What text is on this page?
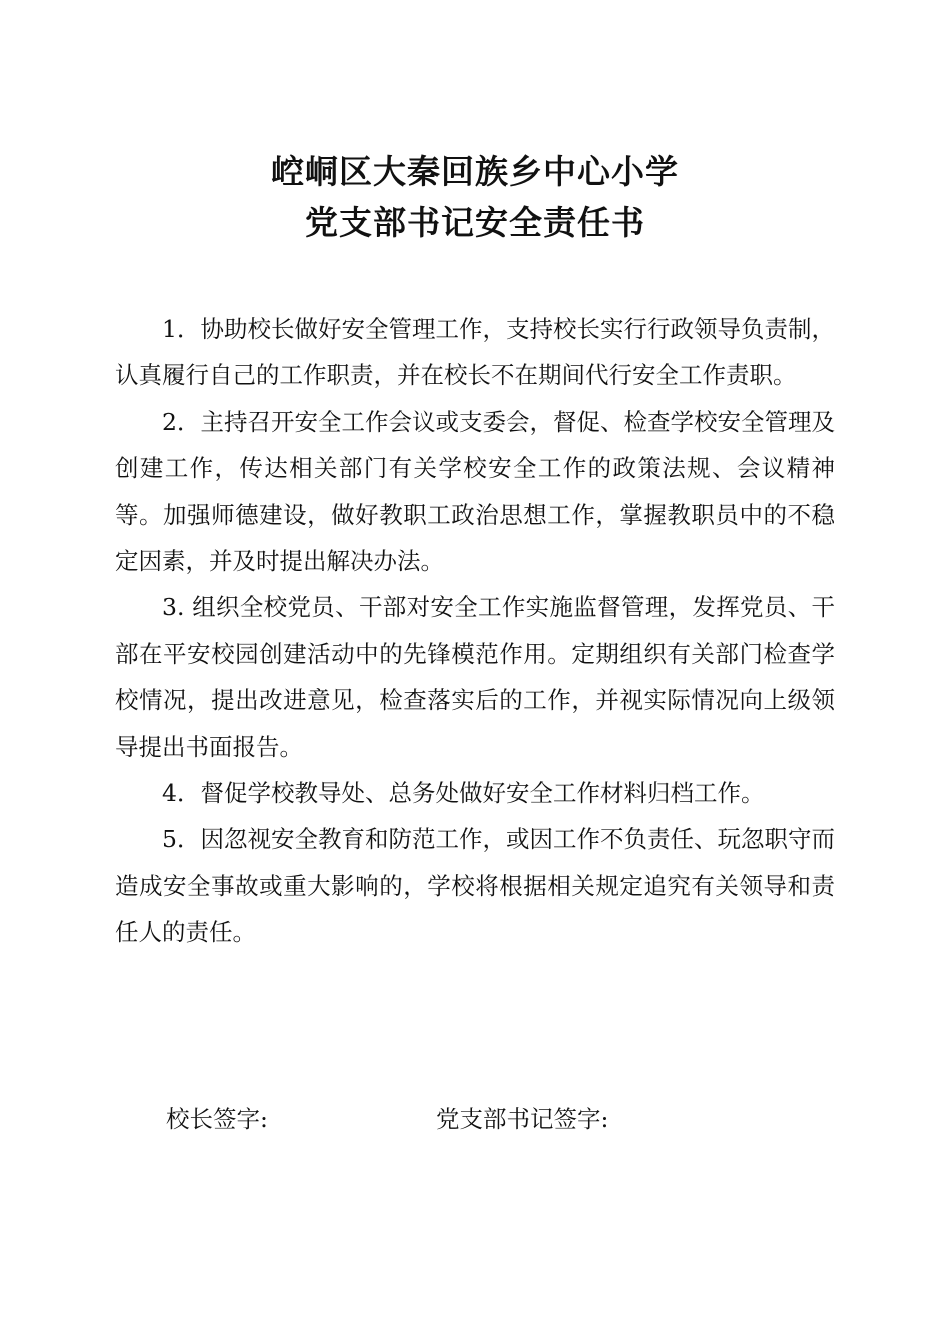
崆峒区大秦回族乡中心小学
党支部书记安全责任书

1．协助校长做好安全管理工作，支持校长实行行政领导负责制，认真履行自己的工作职责，并在校长不在期间代行安全工作责职。

2．主持召开安全工作会议或支委会，督促、检查学校安全管理及创建工作，传达相关部门有关学校安全工作的政策法规、会议精神等。加强师德建设，做好教职工政治思想工作，掌握教职员中的不稳定因素，并及时提出解决办法。

3. 组织全校党员、干部对安全工作实施监督管理，发挥党员、干部在平安校园创建活动中的先锋模范作用。定期组织有关部门检查学校情况，提出改进意见，检查落实后的工作，并视实际情况向上级领导提出书面报告。

4．督促学校教导处、总务处做好安全工作材料归档工作。

5．因忽视安全教育和防范工作，或因工作不负责任、玩忽职守而造成安全事故或重大影响的，学校将根据相关规定追究有关领导和责任人的责任。

校长签字:	党支部书记签字:
